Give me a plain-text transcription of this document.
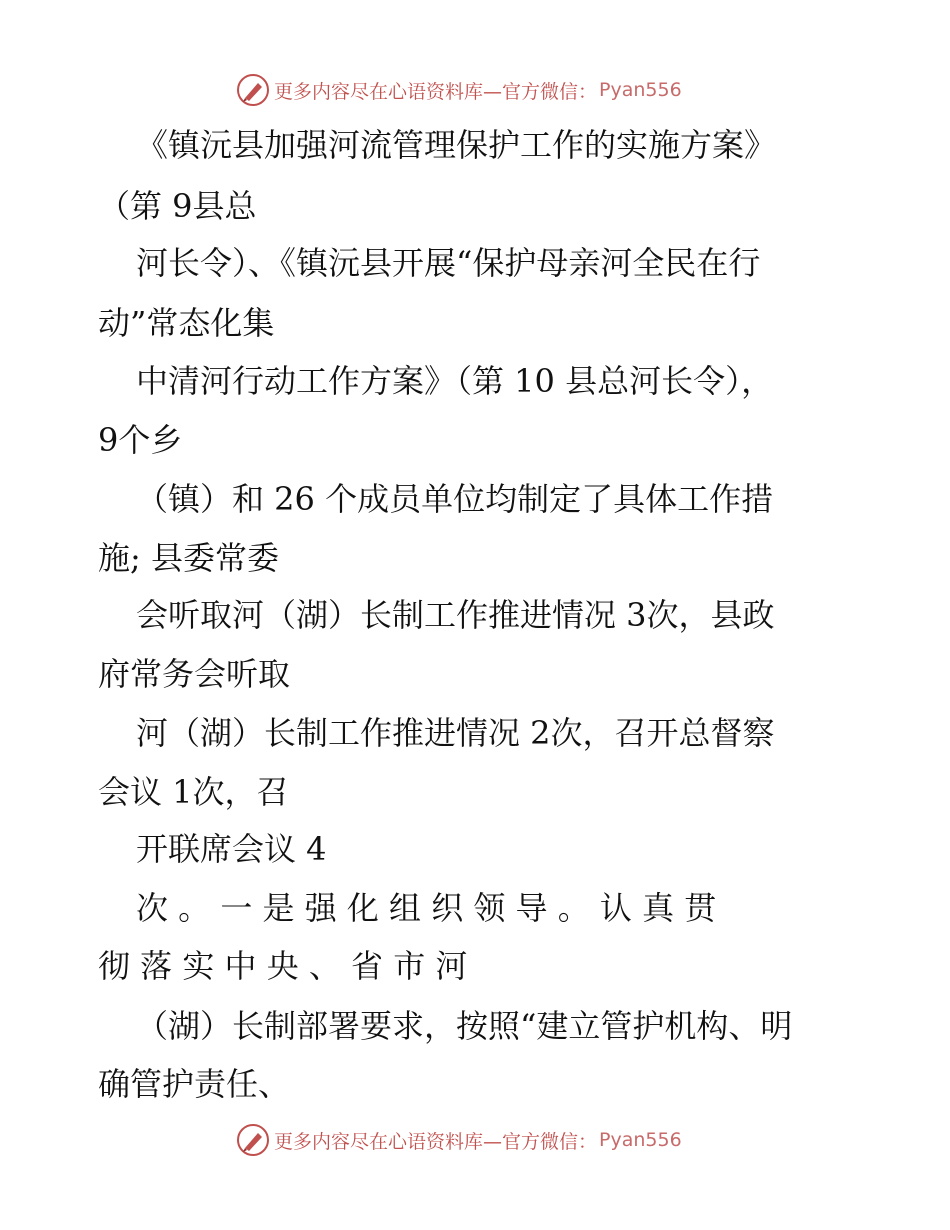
更多内容尽在心语资料库—官方微信： Pyan556
《镇沅县加强河流管理保护工作的实施方案》
（第 9县总
河长令）、《镇沅县开展“保护母亲河全民在行
动”常态化集
中清河行动工作方案》（第 10 县总河长令），
9个乡
（镇）和 26 个成员单位均制定了具体工作措
施; 县委常委
会听取河（湖）长制工作推进情况 3次，县政
府常务会听取
河（湖）长制工作推进情况 2次，召开总督察
会议 1次，召
开联席会议 4
次 。 一 是 强 化 组 织 领 导 。 认 真 贯
彻 落 实 中 央 、 省 市 河
（湖）长制部署要求，按照“建立管护机构、明
确管护责任、
更多内容尽在心语资料库—官方微信： Pyan556
